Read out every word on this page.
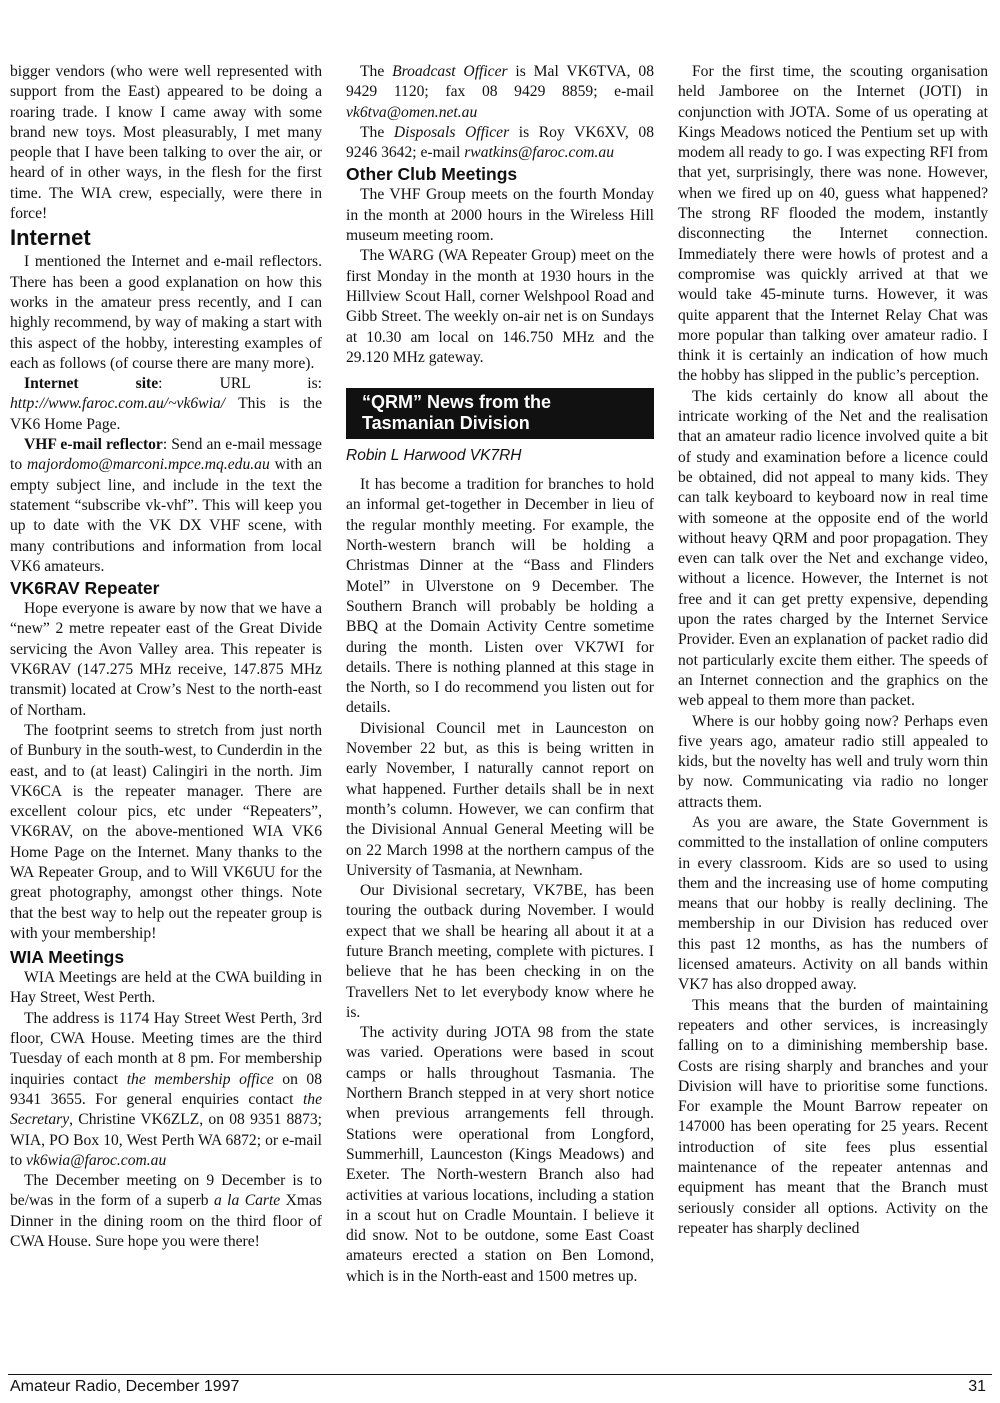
bigger vendors (who were well represented with support from the East) appeared to be doing a roaring trade. I know I came away with some brand new toys. Most pleasurably, I met many people that I have been talking to over the air, or heard of in other ways, in the flesh for the first time. The WIA crew, especially, were there in force!

Internet

I mentioned the Internet and e-mail reflectors. There has been a good explanation on how this works in the amateur press recently, and I can highly recommend, by way of making a start with this aspect of the hobby, interesting examples of each as follows (of course there are many more).

Internet site: URL is: http://www.faroc.com.au/~vk6wia/ This is the VK6 Home Page.

VHF e-mail reflector: Send an e-mail message to majordomo@marconi.mpce.mq.edu.au with an empty subject line, and include in the text the statement “subscribe vk-vhf”. This will keep you up to date with the VK DX VHF scene, with many contributions and information from local VK6 amateurs.

VK6RAV Repeater

Hope everyone is aware by now that we have a “new” 2 metre repeater east of the Great Divide servicing the Avon Valley area. This repeater is VK6RAV (147.275 MHz receive, 147.875 MHz transmit) located at Crow’s Nest to the north-east of Northam.

The footprint seems to stretch from just north of Bunbury in the south-west, to Cunderdin in the east, and to (at least) Calingiri in the north. Jim VK6CA is the repeater manager. There are excellent colour pics, etc under “Repeaters”, VK6RAV, on the above-mentioned WIA VK6 Home Page on the Internet. Many thanks to the WA Repeater Group, and to Will VK6UU for the great photography, amongst other things. Note that the best way to help out the repeater group is with your membership!

WIA Meetings

WIA Meetings are held at the CWA building in Hay Street, West Perth.

The address is 1174 Hay Street West Perth, 3rd floor, CWA House. Meeting times are the third Tuesday of each month at 8 pm. For membership inquiries contact the membership office on 08 9341 3655. For general enquiries contact the Secretary, Christine VK6ZLZ, on 08 9351 8873; WIA, PO Box 10, West Perth WA 6872; or e-mail to vk6wia@faroc.com.au

The December meeting on 9 December is to be/was in the form of a superb a la Carte Xmas Dinner in the dining room on the third floor of CWA House. Sure hope you were there!

The Broadcast Officer is Mal VK6TVA, 08 9429 1120; fax 08 9429 8859; e-mail vk6tva@omen.net.au

The Disposals Officer is Roy VK6XV, 08 9246 3642; e-mail rwatkins@faroc.com.au

Other Club Meetings

The VHF Group meets on the fourth Monday in the month at 2000 hours in the Wireless Hill museum meeting room.

The WARG (WA Repeater Group) meet on the first Monday in the month at 1930 hours in the Hillview Scout Hall, corner Welshpool Road and Gibb Street. The weekly on-air net is on Sundays at 10.30 am local on 146.750 MHz and the 29.120 MHz gateway.

“QRM” News from the
Tasmanian Division
Robin L Harwood VK7RH

It has become a tradition for branches to hold an informal get-together in December in lieu of the regular monthly meeting. For example, the North-western branch will be holding a Christmas Dinner at the “Bass and Flinders Motel” in Ulverstone on 9 December. The Southern Branch will probably be holding a BBQ at the Domain Activity Centre sometime during the month. Listen over VK7WI for details. There is nothing planned at this stage in the North, so I do recommend you listen out for details.

Divisional Council met in Launceston on November 22 but, as this is being written in early November, I naturally cannot report on what happened. Further details shall be in next month’s column. However, we can confirm that the Divisional Annual General Meeting will be on 22 March 1998 at the northern campus of the University of Tasmania, at Newnham.

Our Divisional secretary, VK7BE, has been touring the outback during November. I would expect that we shall be hearing all about it at a future Branch meeting, complete with pictures. I believe that he has been checking in on the Travellers Net to let everybody know where he is.

The activity during JOTA 98 from the state was varied. Operations were based in scout camps or halls throughout Tasmania. The Northern Branch stepped in at very short notice when previous arrangements fell through. Stations were operational from Longford, Summerhill, Launceston (Kings Meadows) and Exeter. The North-western Branch also had activities at various locations, including a station in a scout hut on Cradle Mountain. I believe it did snow. Not to be outdone, some East Coast amateurs erected a station on Ben Lomond, which is in the North-east and 1500 metres up.

For the first time, the scouting organisation held Jamboree on the Internet (JOTI) in conjunction with JOTA. Some of us operating at Kings Meadows noticed the Pentium set up with modem all ready to go. I was expecting RFI from that yet, surprisingly, there was none. However, when we fired up on 40, guess what happened? The strong RF flooded the modem, instantly disconnecting the Internet connection. Immediately there were howls of protest and a compromise was quickly arrived at that we would take 45-minute turns. However, it was quite apparent that the Internet Relay Chat was more popular than talking over amateur radio. I think it is certainly an indication of how much the hobby has slipped in the public’s perception.

The kids certainly do know all about the intricate working of the Net and the realisation that an amateur radio licence involved quite a bit of study and examination before a licence could be obtained, did not appeal to many kids. They can talk keyboard to keyboard now in real time with someone at the opposite end of the world without heavy QRM and poor propagation. They even can talk over the Net and exchange video, without a licence. However, the Internet is not free and it can get pretty expensive, depending upon the rates charged by the Internet Service Provider. Even an explanation of packet radio did not particularly excite them either. The speeds of an Internet connection and the graphics on the web appeal to them more than packet.

Where is our hobby going now? Perhaps even five years ago, amateur radio still appealed to kids, but the novelty has well and truly worn thin by now. Communicating via radio no longer attracts them.

As you are aware, the State Government is committed to the installation of online computers in every classroom. Kids are so used to using them and the increasing use of home computing means that our hobby is really declining. The membership in our Division has reduced over this past 12 months, as has the numbers of licensed amateurs. Activity on all bands within VK7 has also dropped away.

This means that the burden of maintaining repeaters and other services, is increasingly falling on to a diminishing membership base. Costs are rising sharply and branches and your Division will have to prioritise some functions. For example the Mount Barrow repeater on 147000 has been operating for 25 years. Recent introduction of site fees plus essential maintenance of the repeater antennas and equipment has meant that the Branch must seriously consider all options. Activity on the repeater has sharply declined

Amateur Radio, December 1997	31
